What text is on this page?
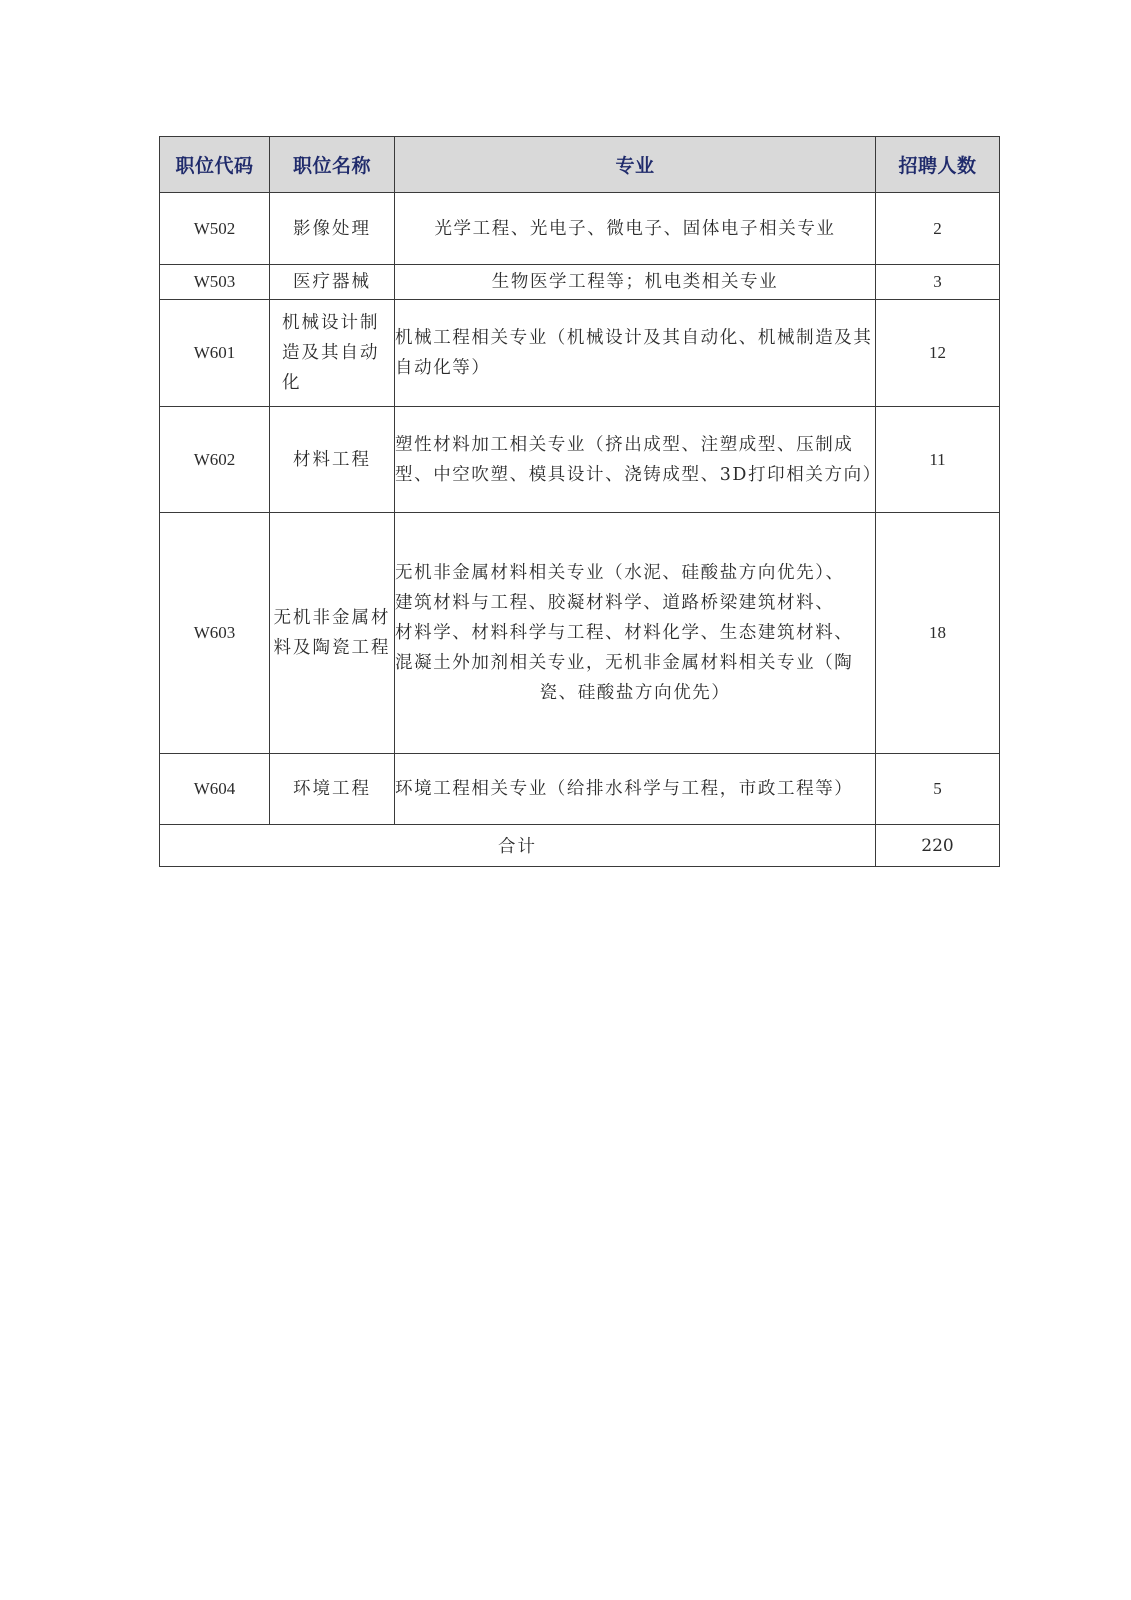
职位代码	职位名称	专业	招聘人数
W502	影像处理	光学工程、光电子、微电子、固体电子相关专业	2
W503	医疗器械	生物医学工程等；机电类相关专业	3
W601	机械设计制造及其自动化	机械工程相关专业（机械设计及其自动化、机械制造及其自动化等）	12
W602	材料工程	塑性材料加工相关专业（挤出成型、注塑成型、压制成型、中空吹塑、模具设计、浇铸成型、3D打印相关方向）	11
W603	无机非金属材料及陶瓷工程	无机非金属材料相关专业（水泥、硅酸盐方向优先）、
建筑材料与工程、胶凝材料学、道路桥梁建筑材料、
材料学、材料科学与工程、材料化学、生态建筑材料、
混凝土外加剂相关专业，无机非金属材料相关专业（陶

瓷、硅酸盐方向优先）	18
W604	环境工程	环境工程相关专业（给排水科学与工程，市政工程等）	5
合计			220
